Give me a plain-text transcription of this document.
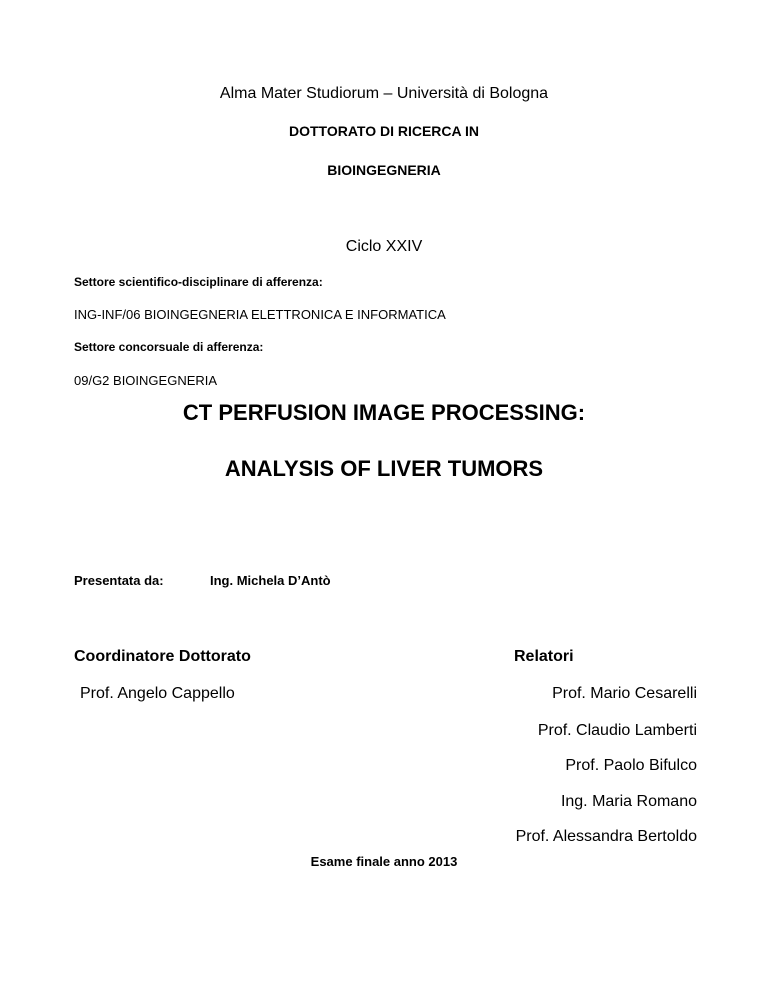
Alma Mater Studiorum – Università di Bologna
DOTTORATO DI RICERCA IN
BIOINGEGNERIA
Ciclo XXIV
Settore scientifico-disciplinare di afferenza:
ING-INF/06 BIOINGEGNERIA ELETTRONICA E INFORMATICA
Settore concorsuale di afferenza:
09/G2 BIOINGEGNERIA
CT PERFUSION IMAGE PROCESSING:
ANALYSIS OF LIVER TUMORS
Presentata da:	Ing. Michela D’Antò
Coordinatore Dottorato
Prof. Angelo Cappello
Relatori
Prof. Mario Cesarelli
Prof. Claudio Lamberti
Prof. Paolo Bifulco
Ing. Maria Romano
Prof. Alessandra Bertoldo
Esame finale anno 2013
